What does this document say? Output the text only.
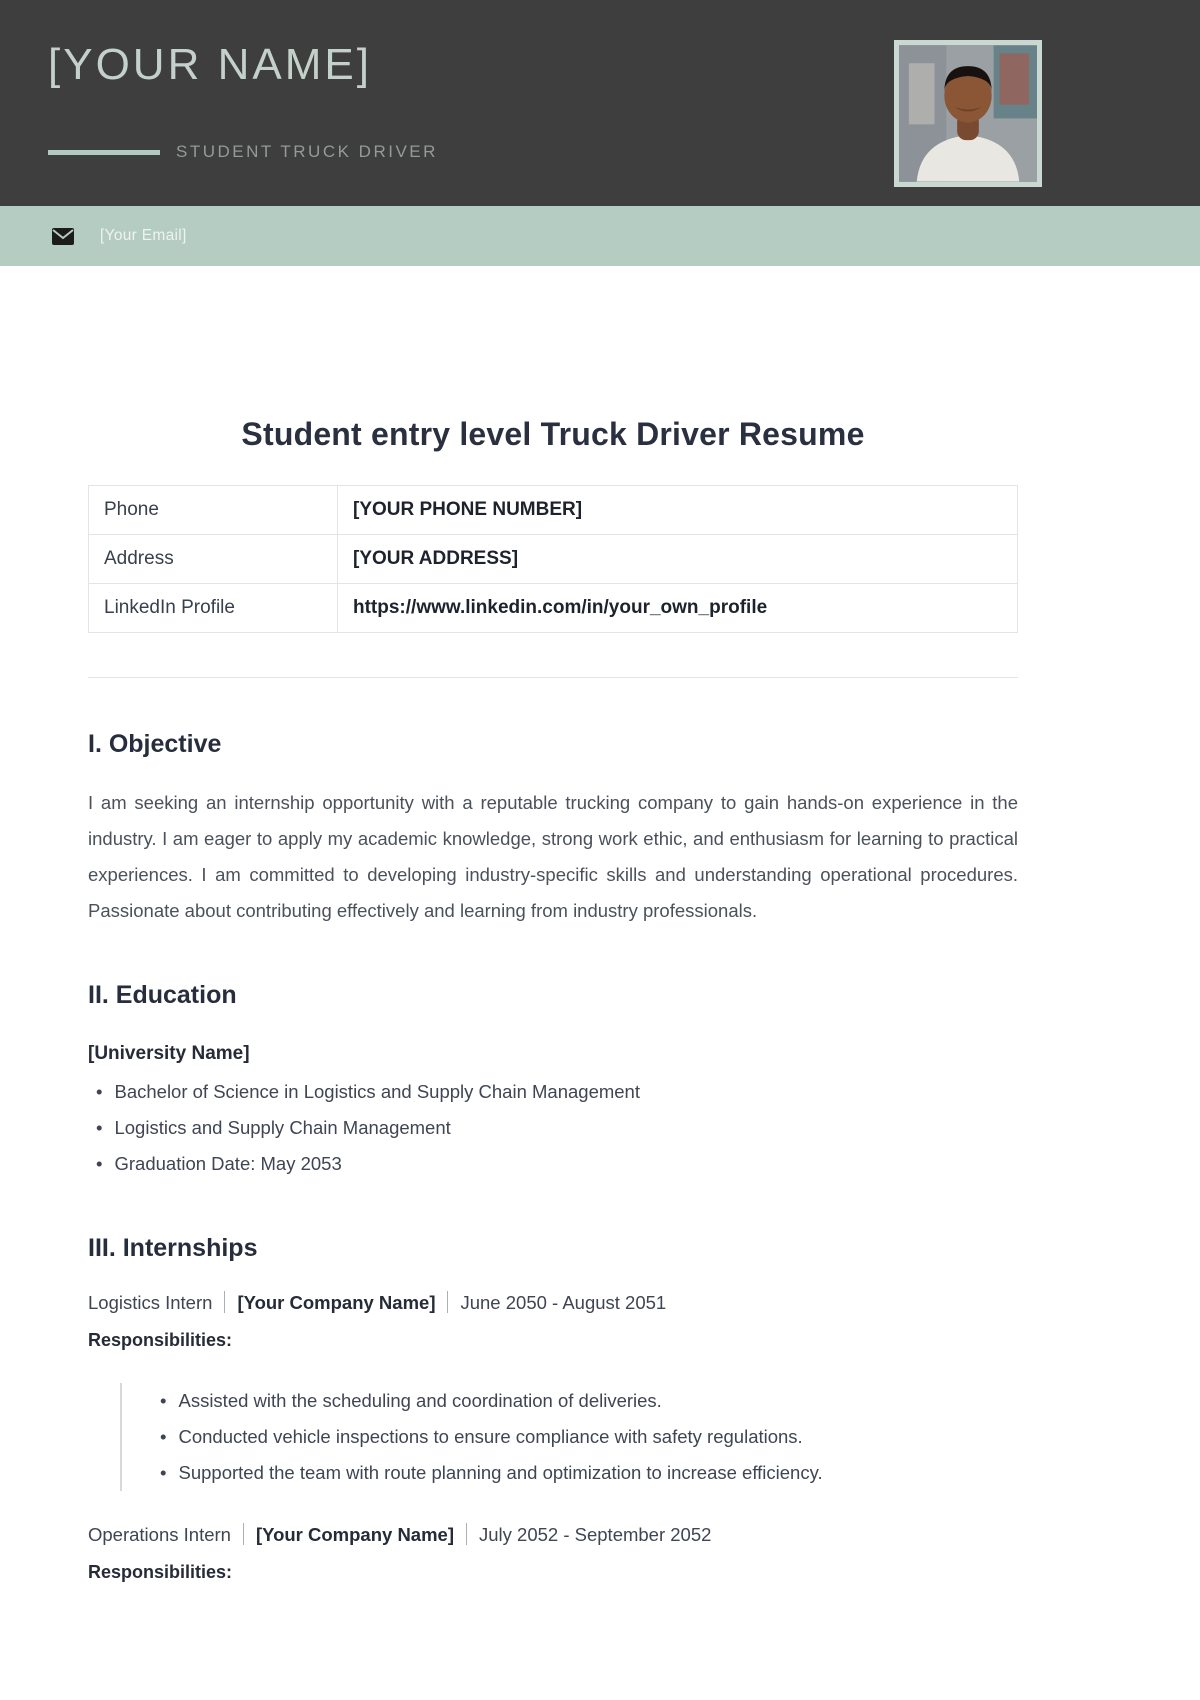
[YOUR NAME]
STUDENT TRUCK DRIVER
[Your Email]
Student entry level Truck Driver Resume
Phone	[YOUR PHONE NUMBER]
Address	[YOUR ADDRESS]
LinkedIn Profile	https://www.linkedin.com/in/your_own_profile
I. Objective

I am seeking an internship opportunity with a reputable trucking company to gain hands-on experience in the industry. I am eager to apply my academic knowledge, strong work ethic, and enthusiasm for learning to practical experiences. I am committed to developing industry-specific skills and understanding operational procedures. Passionate about contributing effectively and learning from industry professionals.

II. Education

[University Name]

• Bachelor of Science in Logistics and Supply Chain Management
• Logistics and Supply Chain Management
• Graduation Date: May 2053
III. Internships

Logistics Intern [Your Company Name] June 2050 - August 2051

Responsibilities:

• Assisted with the scheduling and coordination of deliveries.
• Conducted vehicle inspections to ensure compliance with safety regulations.
• Supported the team with route planning and optimization to increase efficiency.

Operations Intern [Your Company Name] July 2052 - September 2052

Responsibilities:
